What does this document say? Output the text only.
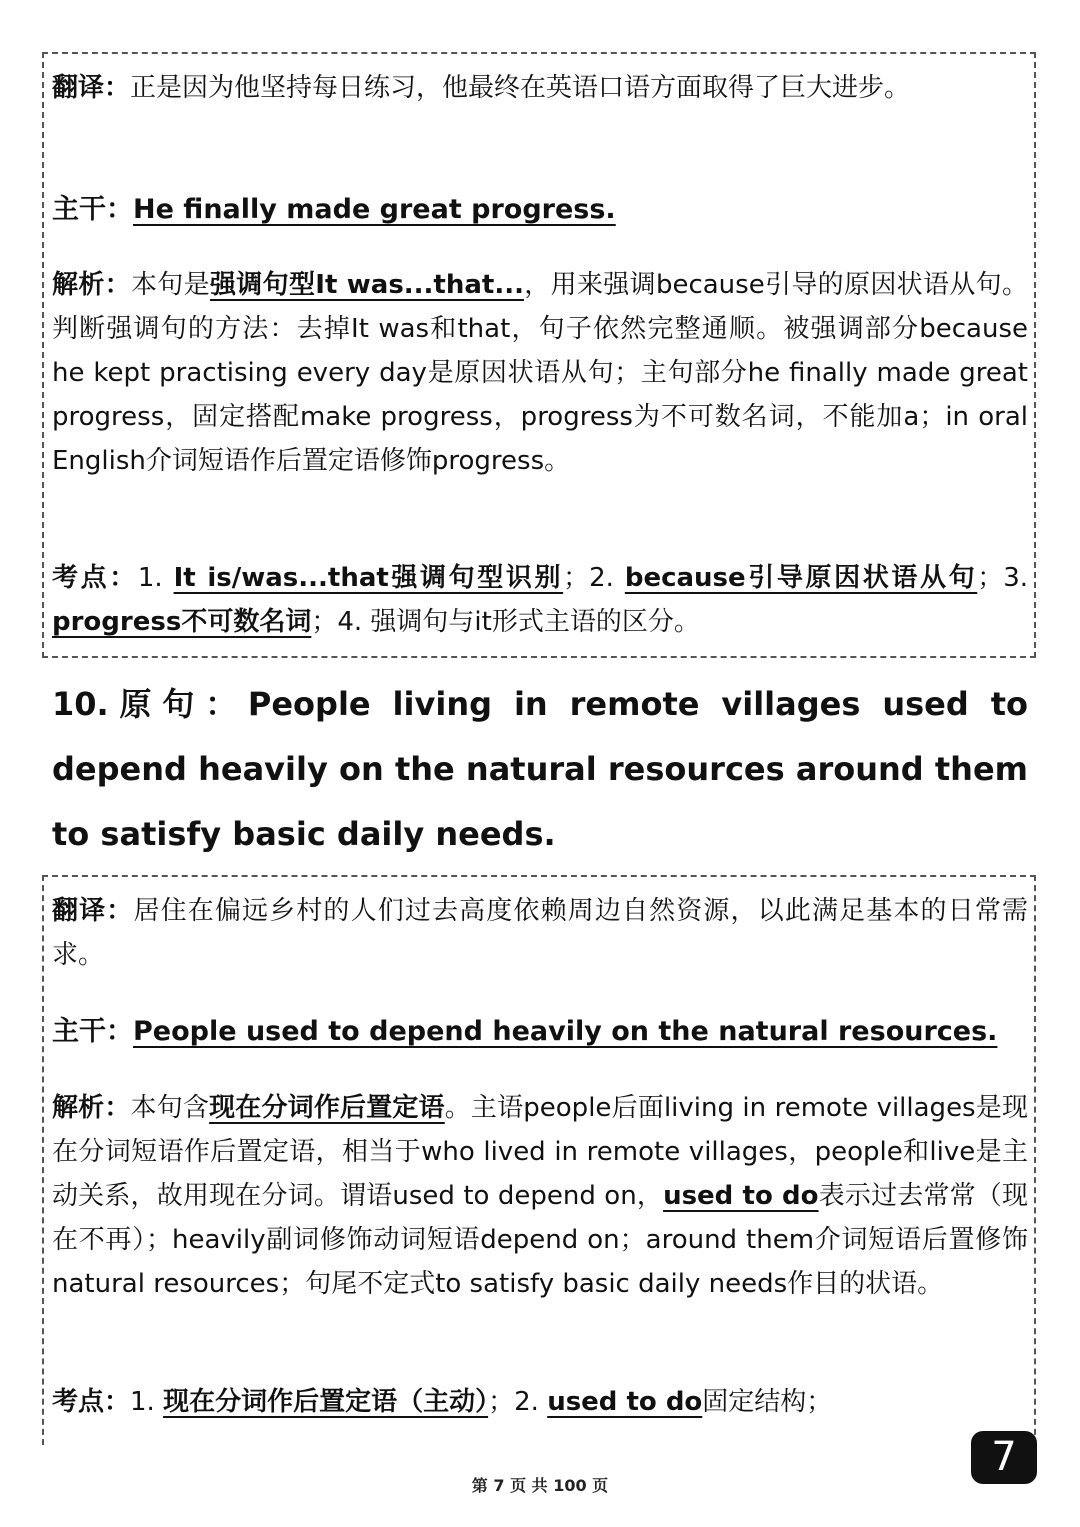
翻译：正是因为他坚持每日练习，他最终在英语口语方面取得了巨大进步。

主干：He finally made great progress.

解析：本句是强调句型It was...that...，用来强调because引导的原因状语从句。判断强调句的方法：去掉It was和that，句子依然完整通顺。被强调部分because he kept practising every day是原因状语从句；主句部分he finally made great progress，固定搭配make progress，progress为不可数名词，不能加a；in oral English介词短语作后置定语修饰progress。

考点：1. It is/was...that强调句型识别；2. because引导原因状语从句；3. progress不可数名词；4. 强调句与it形式主语的区分。

10.原句：People living in remote villages used to depend heavily on the natural resources around them to satisfy basic daily needs.

翻译：居住在偏远乡村的人们过去高度依赖周边自然资源，以此满足基本的日常需求。

主干：People used to depend heavily on the natural resources.

解析：本句含现在分词作后置定语。主语people后面living in remote villages是现在分词短语作后置定语，相当于who lived in remote villages，people和live是主动关系，故用现在分词。谓语used to depend on，used to do表示过去常常（现在不再）；heavily副词修饰动词短语depend on；around them介词短语后置修饰natural resources；句尾不定式to satisfy basic daily needs作目的状语。

考点：1. 现在分词作后置定语（主动）；2. used to do固定结构；

7
第 7 页 共 100 页
